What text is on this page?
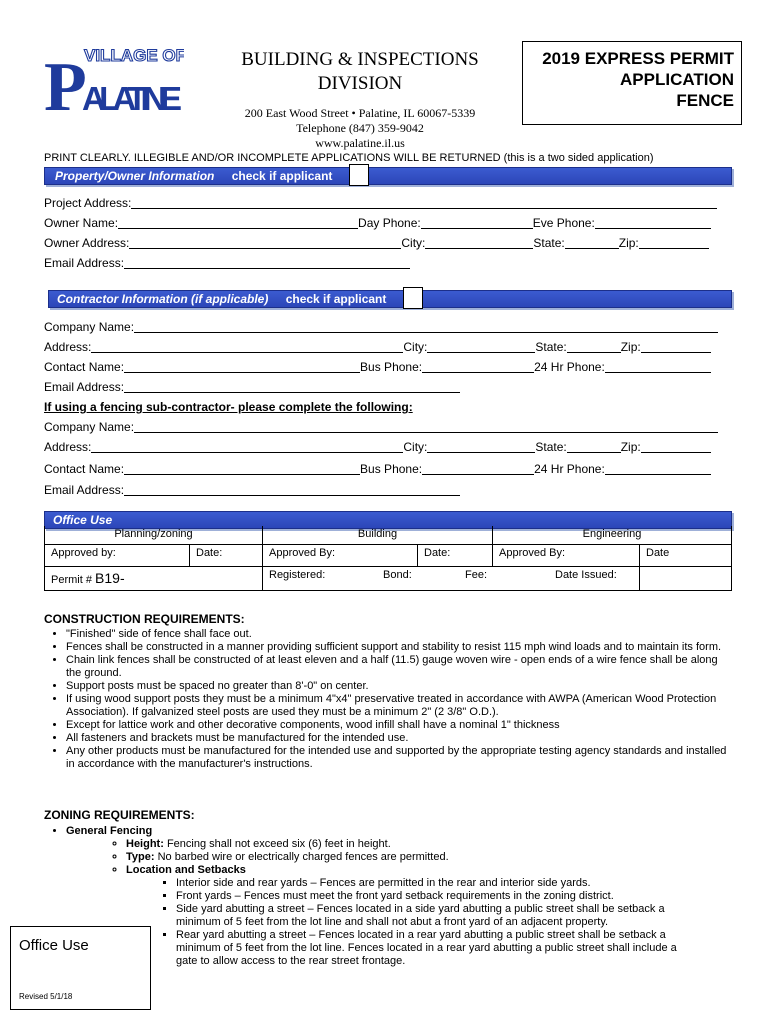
VILLAGE OF
P
ALATINE
BUILDING & INSPECTIONS
DIVISION
200 East Wood Street • Palatine, IL 60067-5339
Telephone (847) 359-9042
www.palatine.il.us
2019 EXPRESS PERMIT
APPLICATION
FENCE
PRINT CLEARLY. ILLEGIBLE AND/OR INCOMPLETE APPLICATIONS WILL BE RETURNED (this is a two sided application)
Property/Owner Information check if applicant
Project Address:
Owner Name:	Day Phone:	Eve Phone:
Owner Address:	City:	State:	Zip:
Email Address:
Contractor Information (if applicable) check if applicant
Company Name:
Address:	City:	State:	Zip:
Contact Name:	Bus Phone:	24 Hr Phone:
Email Address:
If using a fencing sub-contractor- please complete the following:
Company Name:
Address:	City:	State:	Zip:
Contact Name:	Bus Phone:	24 Hr Phone:
Email Address:
Office Use
Planning/zoning		Building		Engineering	
Approved by:	Date:	Approved By:	Date:	Approved By:	Date
Permit # B19-		Registered: Bond: Fee: Date Issued:			

CONSTRUCTION REQUIREMENTS:
• "Finished" side of fence shall face out.
• Fences shall be constructed in a manner providing sufficient support and stability to resist 115 mph wind loads and to maintain its form.
• Chain link fences shall be constructed of at least eleven and a half (11.5) gauge woven wire - open ends of a wire fence shall be along the ground.
• Support posts must be spaced no greater than 8'-0" on center.
• If using wood support posts they must be a minimum 4"x4" preservative treated in accordance with AWPA (American Wood Protection Association). If galvanized steel posts are used they must be a minimum 2" (2 3/8" O.D.).
• Except for lattice work and other decorative components, wood infill shall have a nominal 1" thickness
• All fasteners and brackets must be manufactured for the intended use.
• Any other products must be manufactured for the intended use and supported by the appropriate testing agency standards and installed in accordance with the manufacturer's instructions.
ZONING REQUIREMENTS:
• General Fencing
◦ Height: Fencing shall not exceed six (6) feet in height.
◦ Type: No barbed wire or electrically charged fences are permitted.
◦ Location and Setbacks
▪ Interior side and rear yards – Fences are permitted in the rear and interior side yards.
▪ Front yards – Fences must meet the front yard setback requirements in the zoning district.
▪ Side yard abutting a street – Fences located in a side yard abutting a public street shall be setback a minimum of 5 feet from the lot line and shall not abut a front yard of an adjacent property.
▪ Rear yard abutting a street – Fences located in a rear yard abutting a public street shall be setback a minimum of 5 feet from the lot line. Fences located in a rear yard abutting a public street shall include a gate to allow access to the rear street frontage.
Office Use
Revised 5/1/18
